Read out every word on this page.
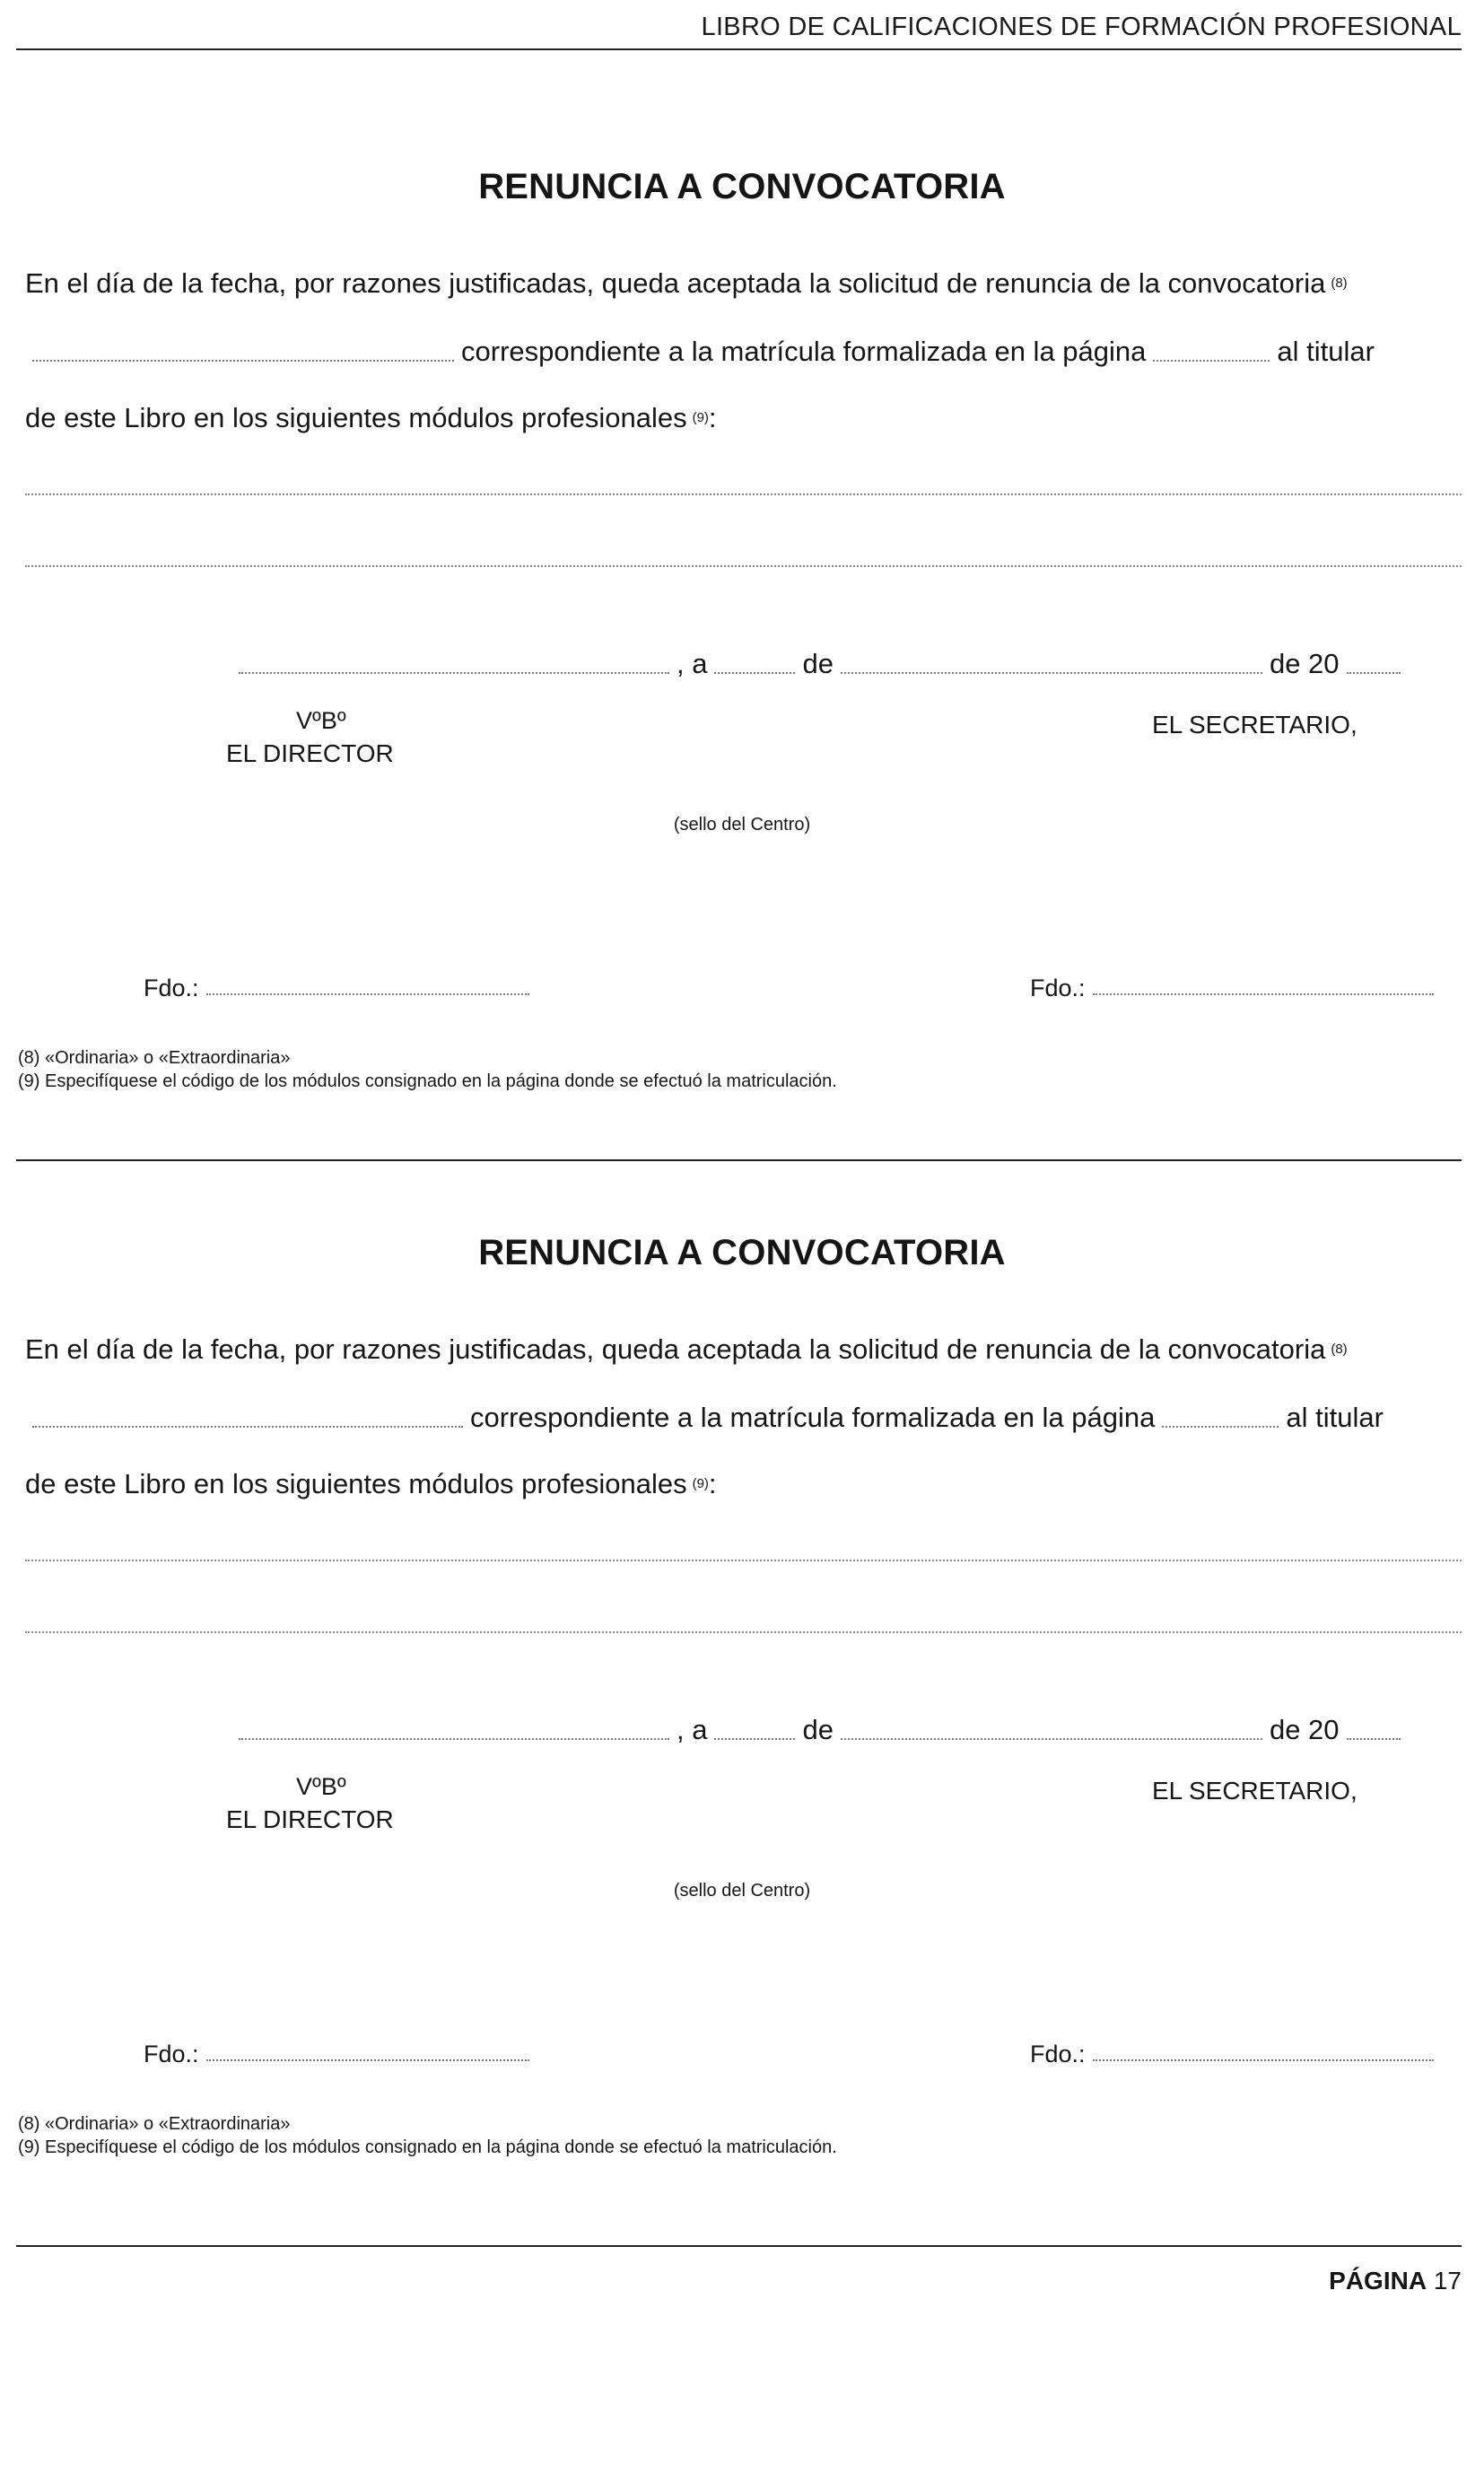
LIBRO DE CALIFICACIONES DE FORMACIÓN PROFESIONAL
RENUNCIA A CONVOCATORIA
En el día de la fecha, por razones justificadas, queda aceptada la solicitud de renuncia de la convocatoria (8)
correspondiente a la matrícula formalizada en la página	al titular
de este Libro en los siguientes módulos profesionales (9) :
, a	de	de 20
VºBº
EL DIRECTOR
EL SECRETARIO,
(sello del Centro)
Fdo.:	Fdo.:
(8) «Ordinaria» o «Extraordinaria»
(9) Especifíquese el código de los módulos consignado en la página donde se efectuó la matriculación.
RENUNCIA A CONVOCATORIA
En el día de la fecha, por razones justificadas, queda aceptada la solicitud de renuncia de la convocatoria (8)
correspondiente a la matrícula formalizada en la página	al titular
de este Libro en los siguientes módulos profesionales (9) :
, a	de	de 20
VºBº
EL DIRECTOR
EL SECRETARIO,
(sello del Centro)
Fdo.:	Fdo.:
(8) «Ordinaria» o «Extraordinaria»
(9) Especifíquese el código de los módulos consignado en la página donde se efectuó la matriculación.
PÁGINA 17
